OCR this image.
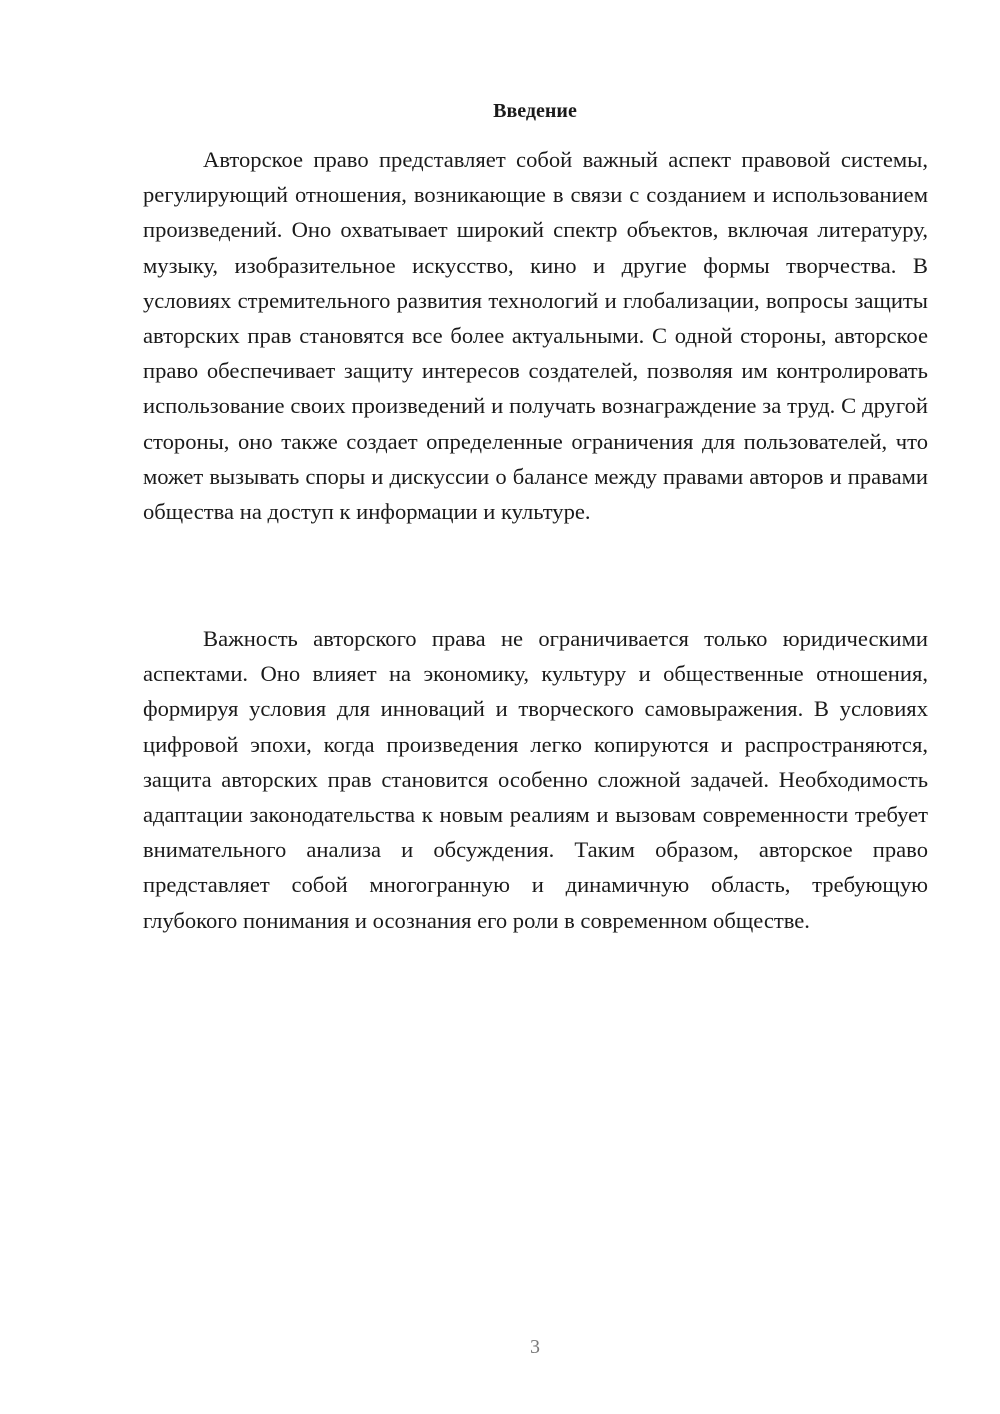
Введение

Авторское право представляет собой важный аспект правовой системы, регулирующий отношения, возникающие в связи с созданием и использованием произведений. Оно охватывает широкий спектр объектов, включая литературу, музыку, изобразительное искусство, кино и другие формы творчества. В условиях стремительного развития технологий и глобализации, вопросы защиты авторских прав становятся все более актуальными. С одной стороны, авторское право обеспечивает защиту интересов создателей, позволяя им контролировать использование своих произведений и получать вознаграждение за труд. С другой стороны, оно также создает определенные ограничения для пользователей, что может вызывать споры и дискуссии о балансе между правами авторов и правами общества на доступ к информации и культуре.

Важность авторского права не ограничивается только юридическими аспектами. Оно влияет на экономику, культуру и общественные отношения, формируя условия для инноваций и творческого самовыражения. В условиях цифровой эпохи, когда произведения легко копируются и распространяются, защита авторских прав становится особенно сложной задачей. Необходимость адаптации законодательства к новым реалиям и вызовам современности требует внимательного анализа и обсуждения. Таким образом, авторское право представляет собой многогранную и динамичную область, требующую глубокого понимания и осознания его роли в современном обществе.

3
